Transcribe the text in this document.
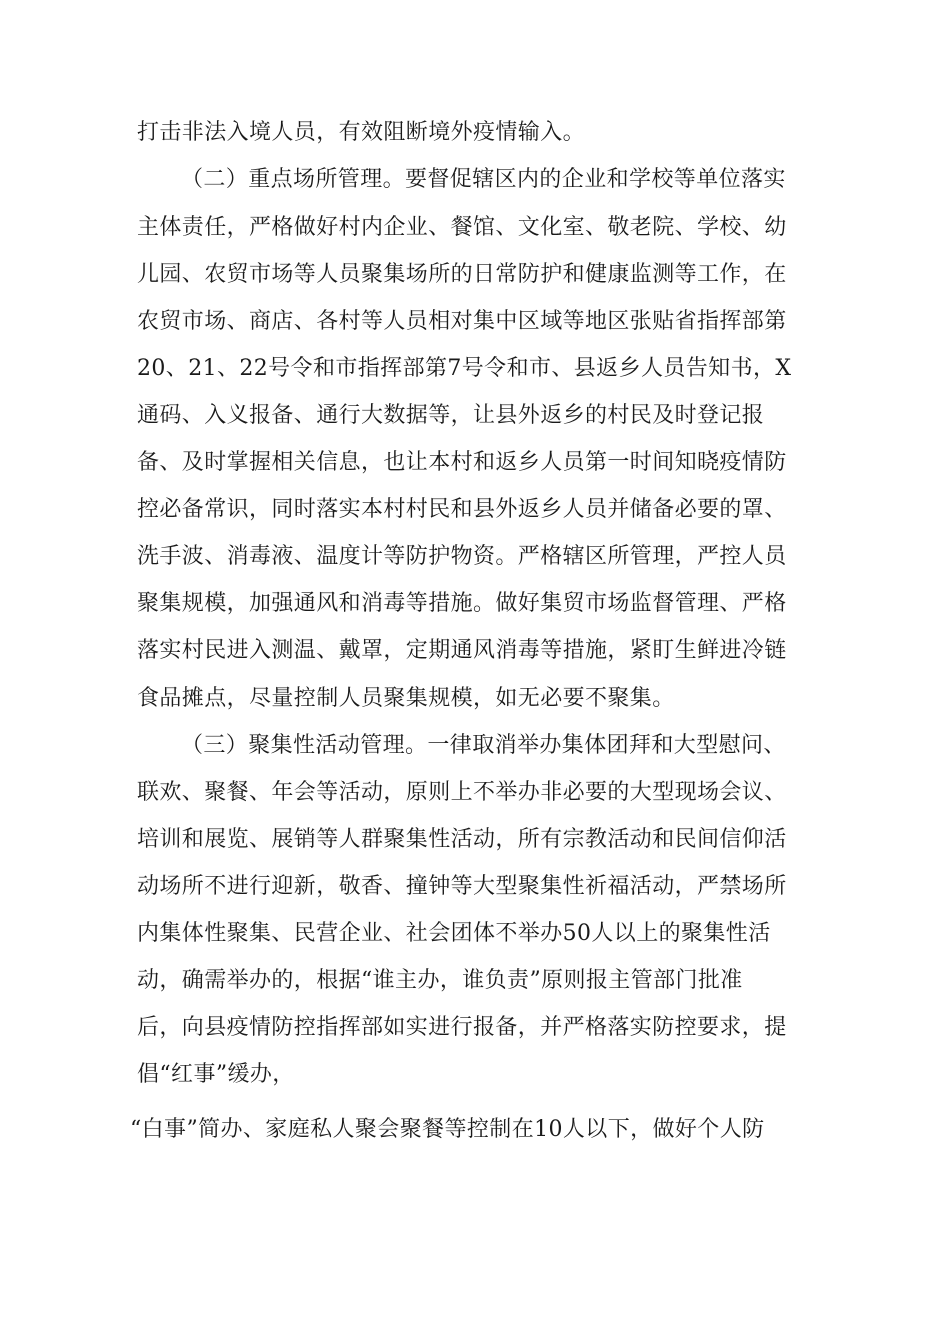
打击非法入境人员，有效阻断境外疫情输入。
（二）重点场所管理。要督促辖区内的企业和学校等单位落实
主体责任，严格做好村内企业、餐馆、文化室、敬老院、学校、幼
儿园、农贸市场等人员聚集场所的日常防护和健康监测等工作，在
农贸市场、商店、各村等人员相对集中区域等地区张贴省指挥部第
20、21、22号令和市指挥部第7号令和市、县返乡人员告知书，X
通码、入义报备、通行大数据等，让县外返乡的村民及时登记报
备、及时掌握相关信息，也让本村和返乡人员第一时间知晓疫情防
控必备常识，同时落实本村村民和县外返乡人员并储备必要的罩、
洗手波、消毒液、温度计等防护物资。严格辖区所管理，严控人员
聚集规模，加强通风和消毒等措施。做好集贸市场监督管理、严格
落实村民进入测温、戴罩，定期通风消毒等措施，紧盯生鲜进冷链
食品摊点，尽量控制人员聚集规模，如无必要不聚集。
（三）聚集性活动管理。一律取消举办集体团拜和大型慰问、
联欢、聚餐、年会等活动，原则上不举办非必要的大型现场会议、
培训和展览、展销等人群聚集性活动，所有宗教活动和民间信仰活
动场所不进行迎新，敬香、撞钟等大型聚集性祈福活动，严禁场所
内集体性聚集、民营企业、社会团体不举办50人以上的聚集性活
动，确需举办的，根据“谁主办，谁负责”原则报主管部门批准
后，向县疫情防控指挥部如实进行报备，并严格落实防控要求，提
倡“红事”缓办，
“白事”简办、家庭私人聚会聚餐等控制在10人以下，做好个人防
